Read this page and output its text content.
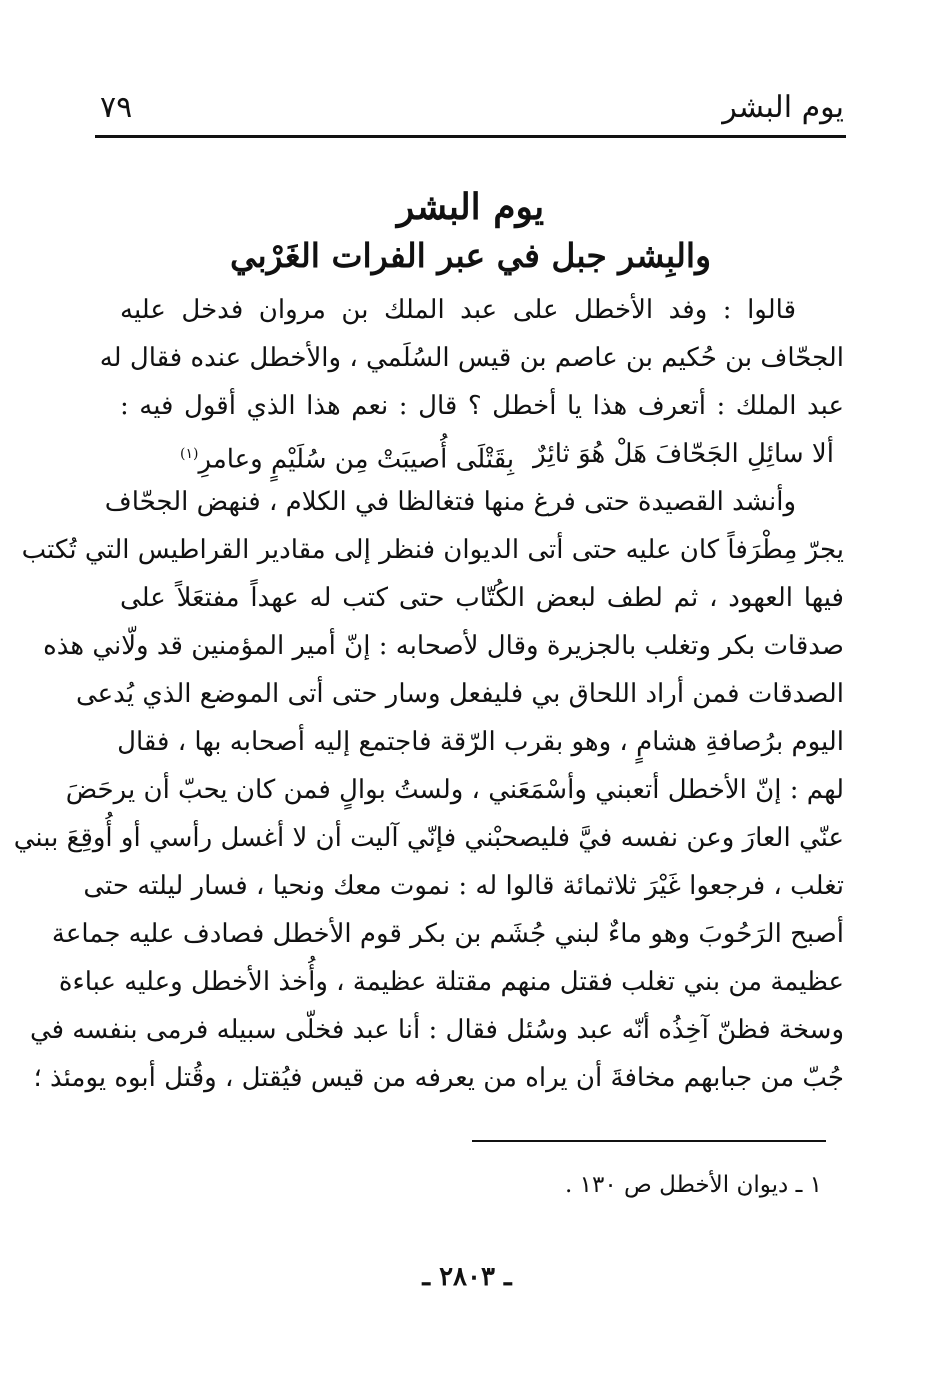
يوم البشر
٧٩
يوم البشر
والبِشر جبل في عبر الفرات الغَرْبي
قالوا : وفد الأخطل على عبد الملك بن مروان فدخل عليه
الجحّاف بن حُكيم بن عاصم بن قيس السُلَمي ، والأخطل عنده فقال له
عبد الملك : أتعرف هذا يا أخطل ؟ قال : نعم هذا الذي أقول فيه :
ألا سائِلِ الجَحّافَ هَلْ هُوَ ثائِرٌ
بِقَتْلَى أُصيبَتْ مِن سُلَيْمٍ وعامرِ$^{(١)}$
وأنشد القصيدة حتى فرغ منها فتغالظا في الكلام ، فنهض الجحّاف
يجرّ مِطْرَفاً كان عليه حتى أتى الديوان فنظر إلى مقادير القراطيس التي تُكتب
فيها العهود ، ثم لطف لبعض الكُتّاب حتى كتب له عهداً مفتعَلاً على
صدقات بكر وتغلب بالجزيرة وقال لأصحابه : إنّ أمير المؤمنين قد ولّاني هذه
الصدقات فمن أراد اللحاق بي فليفعل وسار حتى أتى الموضع الذي يُدعى
اليوم برُصافةِ هشامٍ ، وهو بقرب الرّقة فاجتمع إليه أصحابه بها ، فقال
لهم : إنّ الأخطل أتعبني وأسْمَعَني ، ولستُ بوالٍ فمن كان يحبّ أن يرحَضَ
عنّي العارَ وعن نفسه فيَّ فليصحبْني فإنّي آليت أن لا أغسل رأسي أو أُوقِعَ ببني
تغلب ، فرجعوا غَيْرَ ثلاثمائة قالوا له : نموت معك ونحيا ، فسار ليلته حتى
أصبح الرَحُوبَ وهو ماءٌ لبني جُشَم بن بكر قوم الأخطل فصادف عليه جماعة
عظيمة من بني تغلب فقتل منهم مقتلة عظيمة ، وأُخذ الأخطل وعليه عباءة
وسخة فظنّ آخِذُه أنّه عبد وسُئل فقال : أنا عبد فخلّى سبيله فرمى بنفسه في
جُبّ من جبابهم مخافةَ أن يراه من يعرفه من قيس فيُقتل ، وقُتل أبوه يومئذ ؛
١ ـ ديوان الأخطل ص ١٣٠ .
ـ ٢٨٠٣ ـ
